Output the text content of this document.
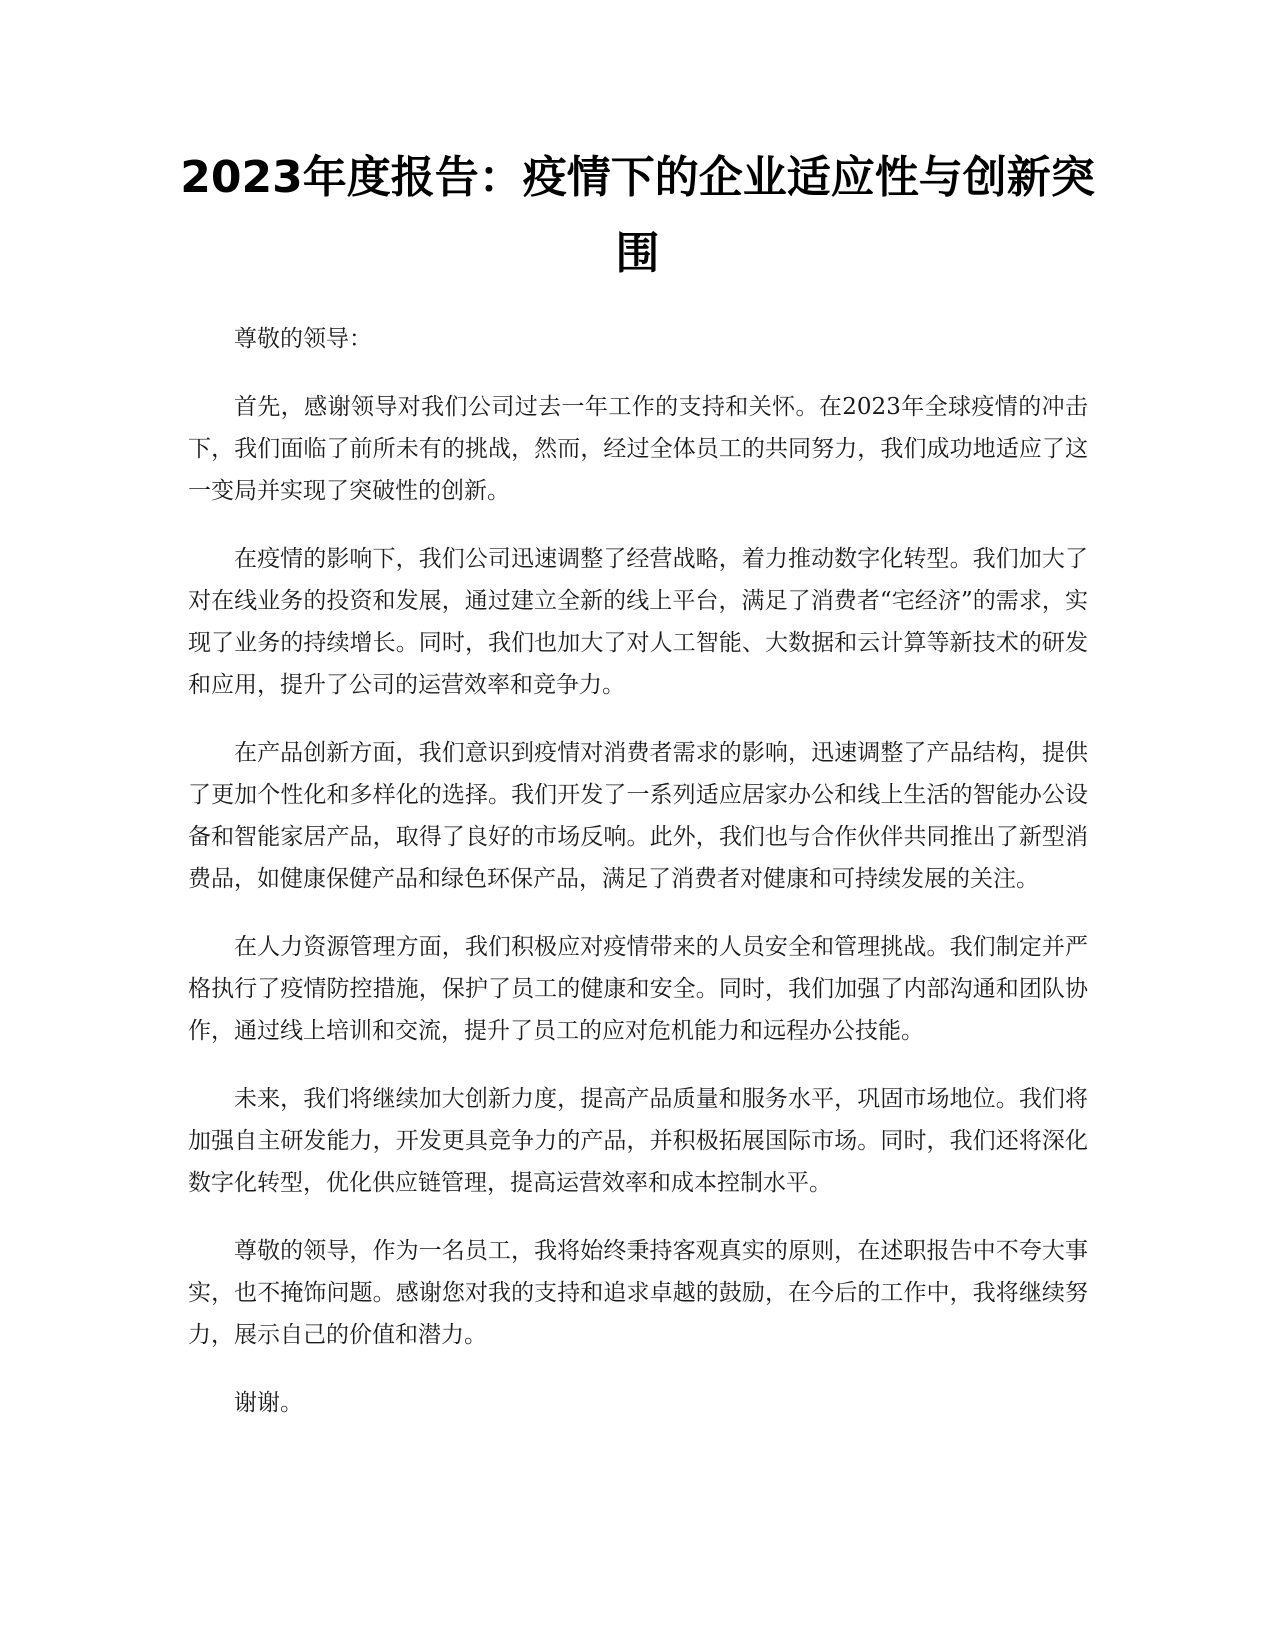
2023年度报告：疫情下的企业适应性与创新突围

尊敬的领导：

首先，感谢领导对我们公司过去一年工作的支持和关怀。在2023年全球疫情的冲击下，我们面临了前所未有的挑战，然而，经过全体员工的共同努力，我们成功地适应了这一变局并实现了突破性的创新。

在疫情的影响下，我们公司迅速调整了经营战略，着力推动数字化转型。我们加大了对在线业务的投资和发展，通过建立全新的线上平台，满足了消费者“宅经济”的需求，实现了业务的持续增长。同时，我们也加大了对人工智能、大数据和云计算等新技术的研发和应用，提升了公司的运营效率和竞争力。

在产品创新方面，我们意识到疫情对消费者需求的影响，迅速调整了产品结构，提供了更加个性化和多样化的选择。我们开发了一系列适应居家办公和线上生活的智能办公设备和智能家居产品，取得了良好的市场反响。此外，我们也与合作伙伴共同推出了新型消费品，如健康保健产品和绿色环保产品，满足了消费者对健康和可持续发展的关注。

在人力资源管理方面，我们积极应对疫情带来的人员安全和管理挑战。我们制定并严格执行了疫情防控措施，保护了员工的健康和安全。同时，我们加强了内部沟通和团队协作，通过线上培训和交流，提升了员工的应对危机能力和远程办公技能。

未来，我们将继续加大创新力度，提高产品质量和服务水平，巩固市场地位。我们将加强自主研发能力，开发更具竞争力的产品，并积极拓展国际市场。同时，我们还将深化数字化转型，优化供应链管理，提高运营效率和成本控制水平。

尊敬的领导，作为一名员工，我将始终秉持客观真实的原则，在述职报告中不夸大事实，也不掩饰问题。感谢您对我的支持和追求卓越的鼓励，在今后的工作中，我将继续努力，展示自己的价值和潜力。

谢谢。
